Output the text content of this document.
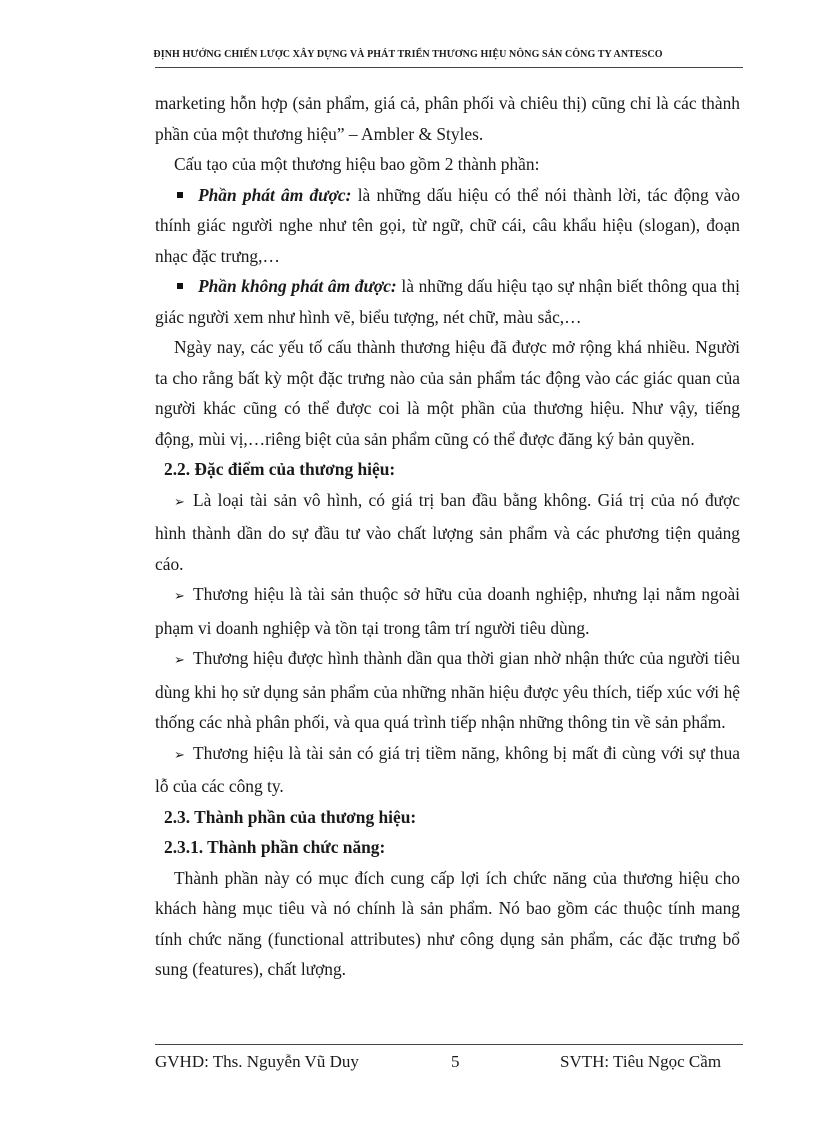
ĐỊNH HƯỚNG CHIẾN LƯỢC XÂY DỰNG VÀ PHÁT TRIỂN THƯƠNG HIỆU NÔNG SẢN CÔNG TY ANTESCO

marketing hỗn hợp (sản phẩm, giá cả, phân phối và chiêu thị) cũng chỉ là các thành phần của một thương hiệu” – Ambler & Styles.

Cấu tạo của một thương hiệu bao gồm 2 thành phần:

Phần phát âm được: là những dấu hiệu có thể nói thành lời, tác động vào thính giác người nghe như tên gọi, từ ngữ, chữ cái, câu khẩu hiệu (slogan), đoạn nhạc đặc trưng,…

Phần không phát âm được: là những dấu hiệu tạo sự nhận biết thông qua thị giác người xem như hình vẽ, biểu tượng, nét chữ, màu sắc,…

Ngày nay, các yếu tố cấu thành thương hiệu đã được mở rộng khá nhiều. Người ta cho rằng bất kỳ một đặc trưng nào của sản phẩm tác động vào các giác quan của người khác cũng có thể được coi là một phần của thương hiệu. Như vậy, tiếng động, mùi vị,…riêng biệt của sản phẩm cũng có thể được đăng ký bản quyền.

2.2. Đặc điểm của thương hiệu:

➢ Là loại tài sản vô hình, có giá trị ban đầu bằng không. Giá trị của nó được hình thành dần do sự đầu tư vào chất lượng sản phẩm và các phương tiện quảng cáo.

➢ Thương hiệu là tài sản thuộc sở hữu của doanh nghiệp, nhưng lại nằm ngoài phạm vi doanh nghiệp và tồn tại trong tâm trí người tiêu dùng.

➢ Thương hiệu được hình thành dần qua thời gian nhờ nhận thức của người tiêu dùng khi họ sử dụng sản phẩm của những nhãn hiệu được yêu thích, tiếp xúc với hệ thống các nhà phân phối, và qua quá trình tiếp nhận những thông tin về sản phẩm.

➢ Thương hiệu là tài sản có giá trị tiềm năng, không bị mất đi cùng với sự thua lỗ của các công ty.

2.3. Thành phần của thương hiệu:

2.3.1. Thành phần chức năng:

Thành phần này có mục đích cung cấp lợi ích chức năng của thương hiệu cho khách hàng mục tiêu và nó chính là sản phẩm. Nó bao gồm các thuộc tính mang tính chức năng (functional attributes) như công dụng sản phẩm, các đặc trưng bổ sung (features), chất lượng.

GVHD: Ths. Nguyễn Vũ Duy	5	SVTH: Tiêu Ngọc Cầm
